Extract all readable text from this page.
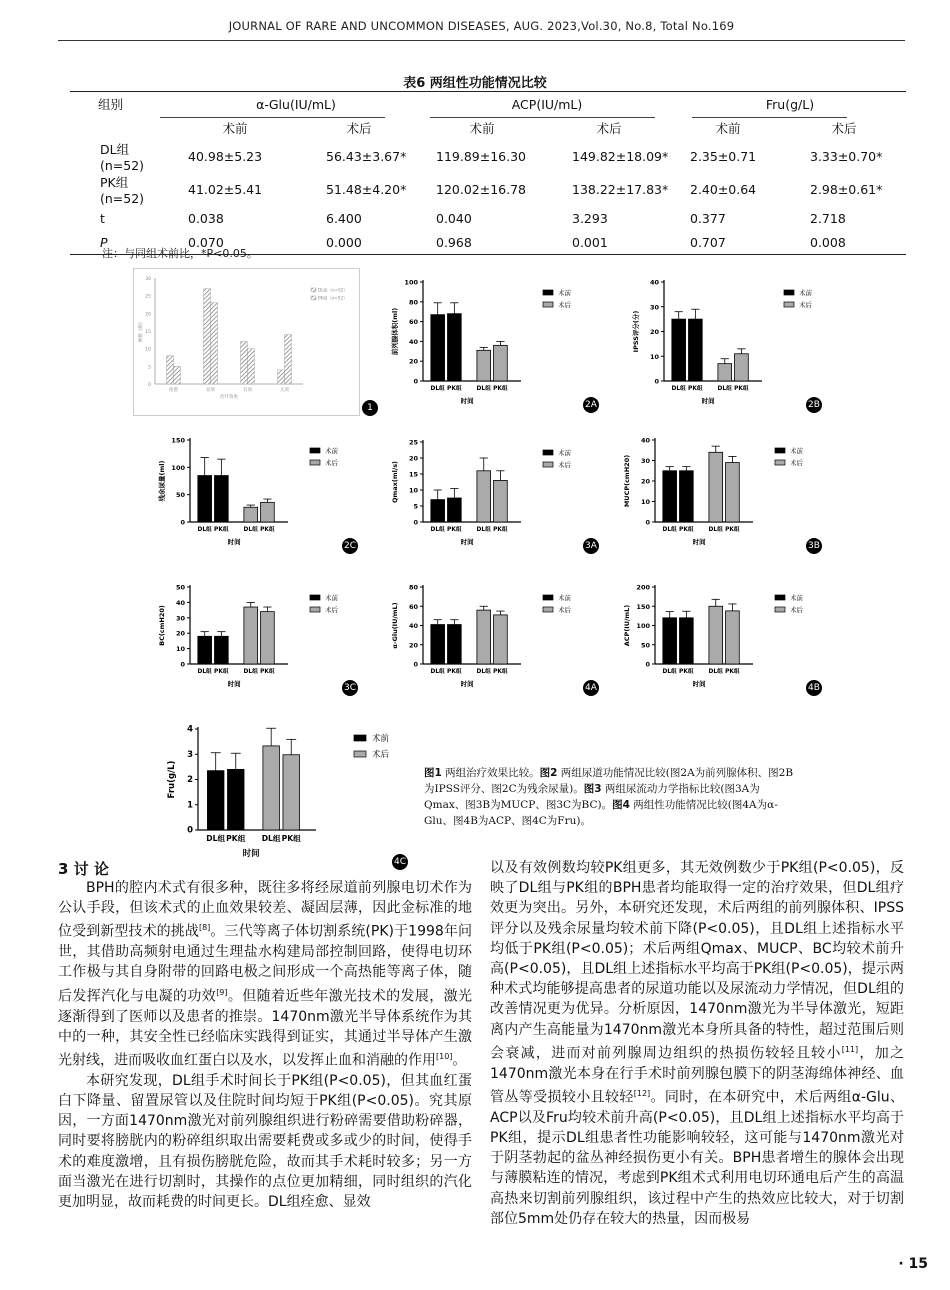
JOURNAL OF RARE AND UNCOMMON DISEASES, AUG. 2023,Vol.30, No.8, Total No.169
表6 两组性功能情况比较
组别	α-Glu(IU/mL)		ACP(IU/mL)		Fru(g/L)	
	术前	术后	术前	术后	术前	术后
DL组(n=52)	40.98±5.23	56.43±3.67*	119.89±16.30	149.82±18.09*	2.35±0.71	3.33±0.70*
PK组(n=52)	41.02±5.41	51.48±4.20*	120.02±16.78	138.22±17.83*	2.40±0.64	2.98±0.61*
t	0.038	6.400	0.040	3.293	0.377	2.718
P	0.070	0.000	0.968	0.001	0.707	0.008
注：与同组术前比，*P<0.05。
0
5
10
15
20
25
30
例数（例）
痊愈	显效	有效	无效
治疗效果
DL组（n=52）
PK组（n=52）
1
0
20
40
60
80
100
前列腺体积(ml)
DL组 PK组	DL组 PK组
时间
术前
术后
2A
0
10
20
30
40
IPSS评分(分)
DL组 PK组	DL组 PK组
时间
术前
术后
2B
0
50
100
150
残余尿量(ml)
DL组 PK组	DL组 PK组
时间
术前
术后
2C
0
5
10
15
20
25
Qmax(ml/s)
DL组 PK组	DL组 PK组
时间
术前
术后
3A
0
10
20
30
40
MUCP(cmH20)
DL组 PK组	DL组 PK组
时间
术前
术后
3B
0
10
20
30
40
50
BC(cmH20)
DL组 PK组	DL组 PK组
时间
术前
术后
3C
0
20
40
60
80
α-Glu(IU/mL)
DL组 PK组	DL组 PK组
时间
术前
术后
4A
0
50
100
150
200
ACP(IU/mL)
DL组 PK组	DL组 PK组
时间
术前
术后
4B
0
1
2
3
4
Fru(g/L)
DL组 PK组 DL组 PK组
时间
术前
术后
4C
图1 两组治疗效果比较。图2 两组尿道功能情况比较(图2A为前列腺体积、图2B为IPSS评分、图2C为残余尿量)。图3 两组尿流动力学指标比较(图3A为Qmax、图3B为MUCP、图3C为BC)。图4 两组性功能情况比较(图4A为α-Glu、图4B为ACP、图4C为Fru)。
3 讨 论

BPH的腔内术式有很多种，既往多将经尿道前列腺电切术作为公认手段，但该术式的止血效果较差、凝固层薄，因此金标准的地位受到新型技术的挑战[8]。三代等离子体切割系统(PK)于1998年问世，其借助高频射电通过生理盐水构建局部控制回路，使得电切环工作极与其自身附带的回路电极之间形成一个高热能等离子体，随后发挥汽化与电凝的功效[9]。但随着近些年激光技术的发展，激光逐渐得到了医师以及患者的推崇。1470nm激光半导体系统作为其中的一种，其安全性已经临床实践得到证实，其通过半导体产生激光射线，进而吸收血红蛋白以及水，以发挥止血和消融的作用[10]。

本研究发现，DL组手术时间长于PK组(P<0.05)，但其血红蛋白下降量、留置尿管以及住院时间均短于PK组(P<0.05)。究其原因，一方面1470nm激光对前列腺组织进行粉碎需要借助粉碎器，同时要将膀胱内的粉碎组织取出需要耗费或多或少的时间，使得手术的难度激增，且有损伤膀胱危险，故而其手术耗时较多；另一方面当激光在进行切割时，其操作的点位更加精细，同时组织的汽化更加明显，故而耗费的时间更长。DL组痊愈、显效

以及有效例数均较PK组更多，其无效例数少于PK组(P<0.05)，反映了DL组与PK组的BPH患者均能取得一定的治疗效果，但DL组疗效更为突出。另外，本研究还发现，术后两组的前列腺体积、IPSS评分以及残余尿量均较术前下降(P<0.05)，且DL组上述指标水平均低于PK组(P<0.05)；术后两组Qmax、MUCP、BC均较术前升高(P<0.05)，且DL组上述指标水平均高于PK组(P<0.05)，提示两种术式均能够提高患者的尿道功能以及尿流动力学情况，但DL组的改善情况更为优异。分析原因，1470nm激光为半导体激光，短距离内产生高能量为1470nm激光本身所具备的特性，超过范围后则会衰减，进而对前列腺周边组织的热损伤较轻且较小[11]，加之1470nm激光本身在行手术时前列腺包膜下的阴茎海绵体神经、血管丛等受损较小且较轻[12]。同时，在本研究中，术后两组α-Glu、ACP以及Fru均较术前升高(P<0.05)，且DL组上述指标水平均高于PK组，提示DL组患者性功能影响较轻，这可能与1470nm激光对于阴茎勃起的盆丛神经损伤更小有关。BPH患者增生的腺体会出现与薄膜粘连的情况，考虑到PK组术式利用电切环通电后产生的高温高热来切割前列腺组织，该过程中产生的热效应比较大，对于切割部位5mm处仍存在较大的热量，因而极易

· 15
